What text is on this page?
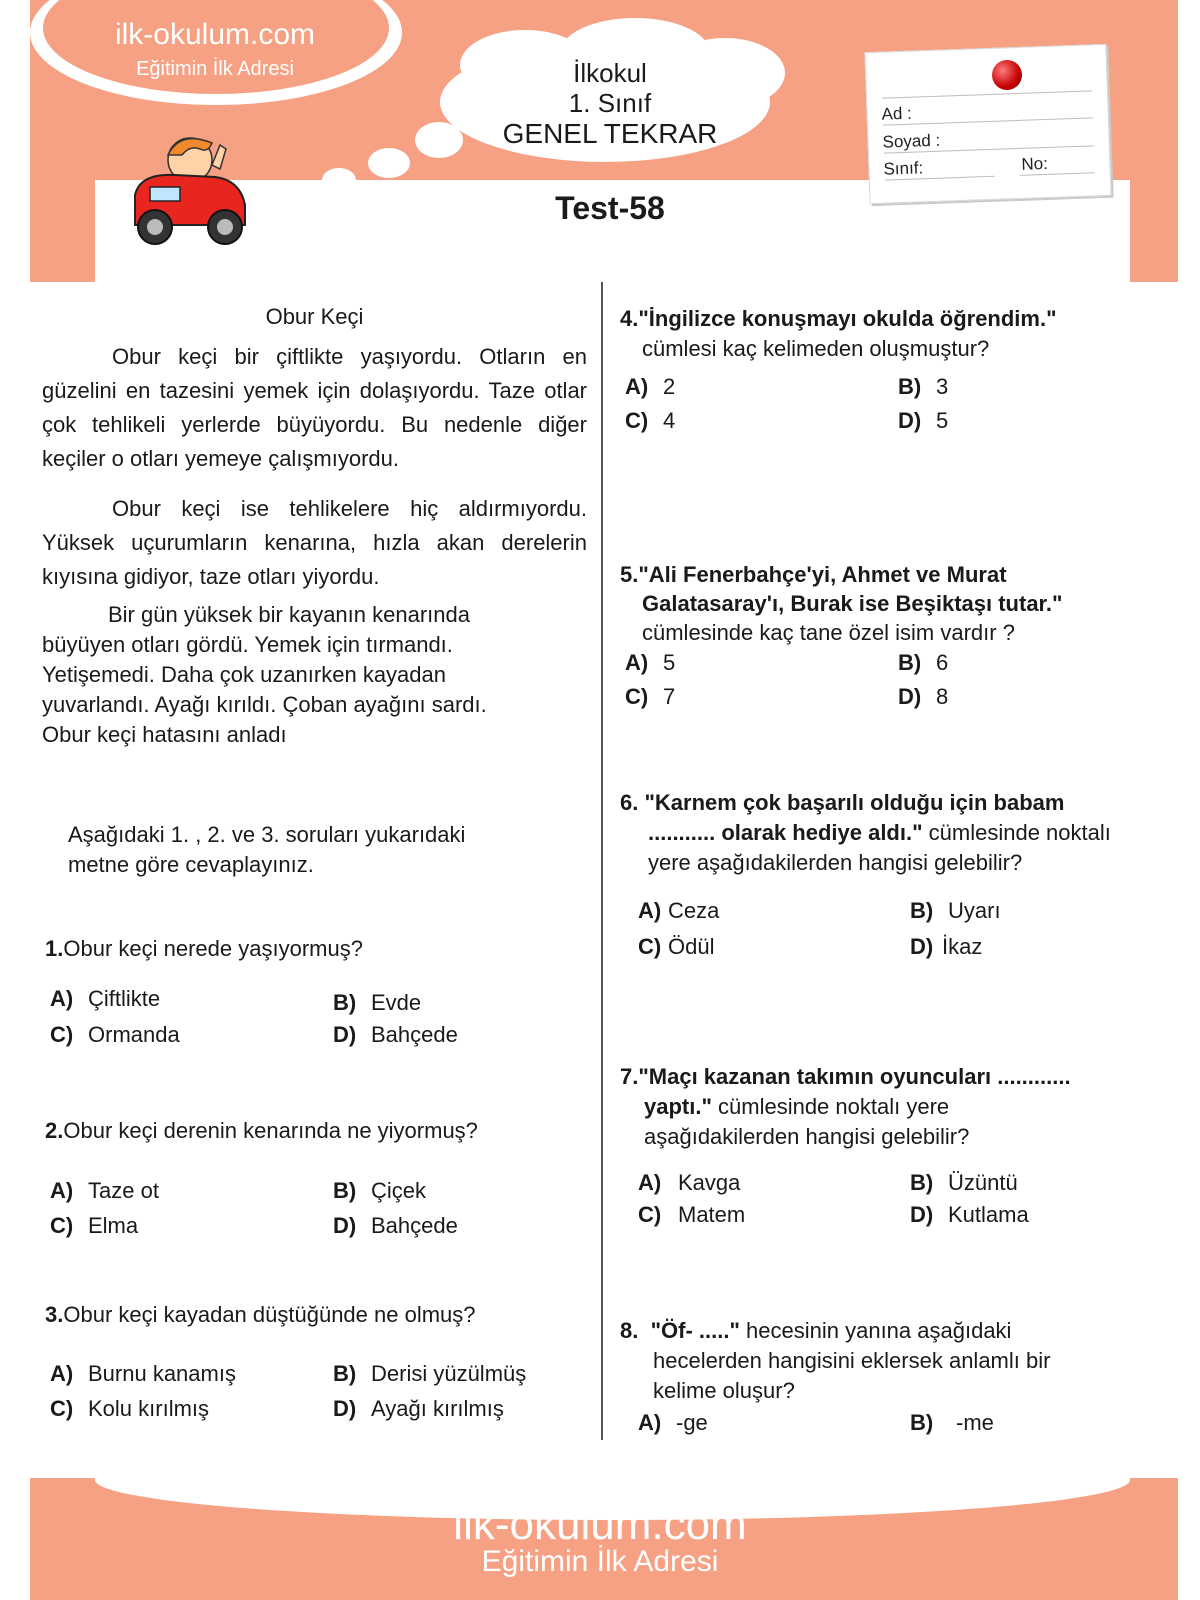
ilk-okulum.com
Eğitimin İlk Adresi	İlkokul
1. Sınıf
GENEL TEKRAR
Test-58
Ad :
Soyad :
Sınıf:	No:
Obur Keçi

Obur keçi bir çiftlikte yaşıyordu. Otların en güzelini en tazesini yemek için dolaşıyordu. Taze otlar çok tehlikeli yerlerde büyüyordu. Bu nedenle diğer keçiler o otları yemeye çalışmıyordu.

Obur keçi ise tehlikelere hiç aldırmıyordu. Yüksek uçurumların kenarına, hızla akan derelerin kıyısına gidiyor, taze otları yiyordu.

Bir gün yüksek bir kayanın kenarında
büyüyen otları gördü. Yemek için tırmandı.
Yetişemedi. Daha çok uzanırken kayadan
yuvarlandı. Ayağı kırıldı. Çoban ayağını sardı.
Obur keçi hatasını anladı
Aşağıdaki 1. , 2. ve 3. soruları yukarıdaki
metne göre cevaplayınız.
1.Obur keçi nerede yaşıyormuş?
A) Çiftlikte	B) Evde
C) Ormanda	D) Bahçede
2.Obur keçi derenin kenarında ne yiyormuş?
A) Taze ot	B) Çiçek
C) Elma	D) Bahçede
3.Obur keçi kayadan düştüğünde ne olmuş?
A) Burnu kanamış	B) Derisi yüzülmüş
C) Kolu kırılmış	D) Ayağı kırılmış
4."İngilizce konuşmayı okulda öğrendim."
cümlesi kaç kelimeden oluşmuştur?
A) 2	B) 3
C) 4	D) 5
5."Ali Fenerbahçe'yi, Ahmet ve Murat
Galatasaray'ı, Burak ise Beşiktaşı tutar."
cümlesinde kaç tane özel isim vardır ?
A) 5	B) 6
C) 7	D) 8
6. "Karnem çok başarılı olduğu için babam
........... olarak hediye aldı." cümlesinde noktalı
yere aşağıdakilerden hangisi gelebilir?
A) Ceza	B) Uyarı
C) Ödül	D) İkaz
7."Maçı kazanan takımın oyuncuları ............
yaptı." cümlesinde noktalı yere
aşağıdakilerden hangisi gelebilir?
A) Kavga	B) Üzüntü
C) Matem	D) Kutlama
8. "Öf- ....." hecesinin yanına aşağıdaki
hecelerden hangisini eklersek anlamlı bir
kelime oluşur?
A) -ge	B) -me
ilk-okulum.com
Eğitimin İlk Adresi
